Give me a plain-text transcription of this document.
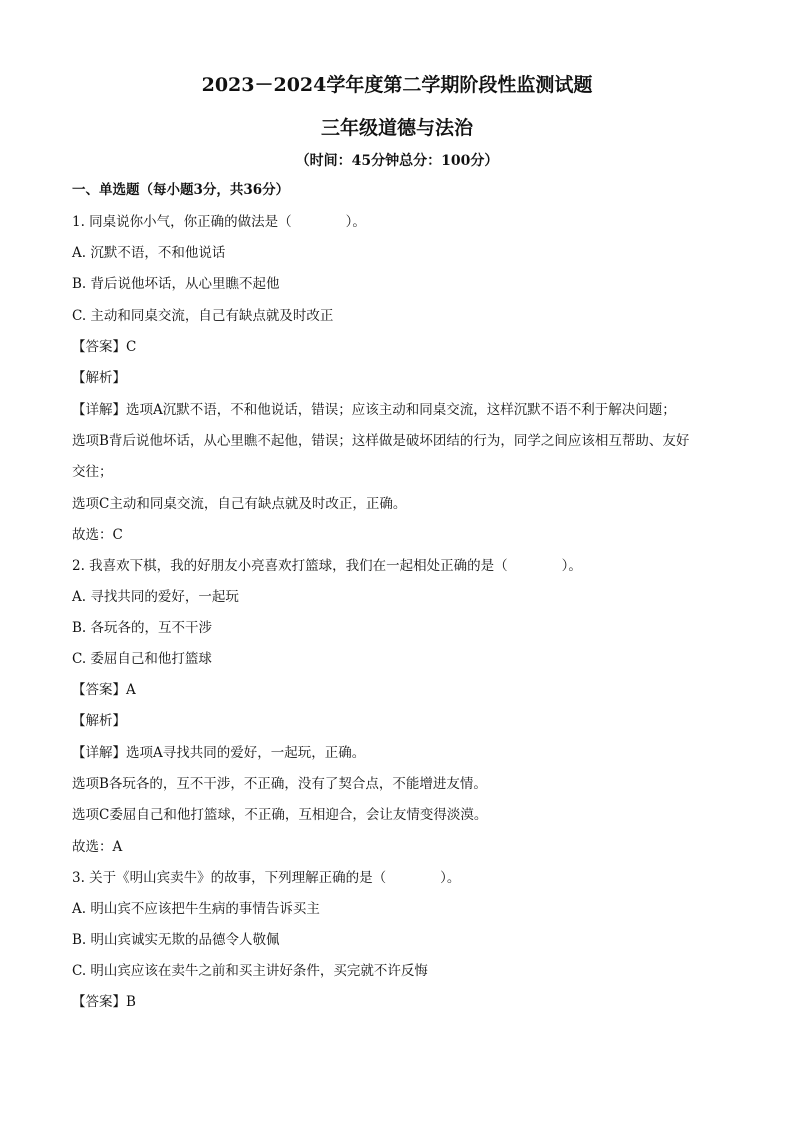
2023－2024学年度第二学期阶段性监测试题
三年级道德与法治
（时间：45分钟总分：100分）
一、单选题（每小题3分，共36分）
1. 同桌说你小气，你正确的做法是（　　　　）。
A. 沉默不语，不和他说话
B. 背后说他坏话，从心里瞧不起他
C. 主动和同桌交流，自己有缺点就及时改正
【答案】C
【解析】
【详解】选项A沉默不语，不和他说话，错误；应该主动和同桌交流，这样沉默不语不利于解决问题；
选项B背后说他坏话，从心里瞧不起他，错误；这样做是破坏团结的行为，同学之间应该相互帮助、友好
交往；
选项C主动和同桌交流，自己有缺点就及时改正，正确。
故选：C
2. 我喜欢下棋，我的好朋友小亮喜欢打篮球，我们在一起相处正确的是（　　　　）。
A. 寻找共同的爱好，一起玩
B. 各玩各的，互不干涉
C. 委屈自己和他打篮球
【答案】A
【解析】
【详解】选项A寻找共同的爱好，一起玩，正确。
选项B各玩各的，互不干涉，不正确，没有了契合点，不能增进友情。
选项C委屈自己和他打篮球，不正确，互相迎合，会让友情变得淡漠。
故选：A
3. 关于《明山宾卖牛》的故事，下列理解正确的是（　　　　）。
A. 明山宾不应该把牛生病的事情告诉买主
B. 明山宾诚实无欺的品德令人敬佩
C. 明山宾应该在卖牛之前和买主讲好条件，买完就不许反悔
【答案】B
